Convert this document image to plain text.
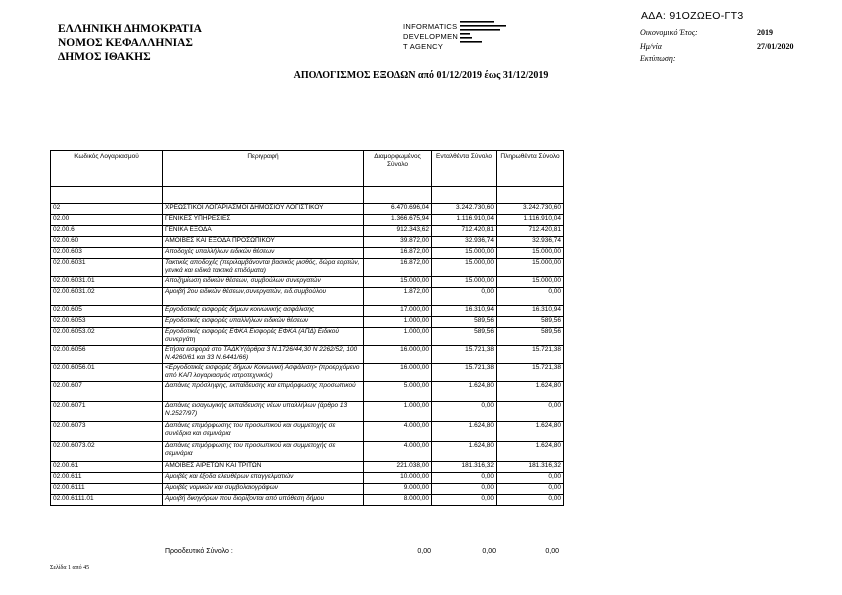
ΕΛΛΗΝΙΚΗ ΔΗΜΟΚΡΑΤΙΑ
ΝΟΜΟΣ ΚΕΦΑΛΛΗΝΙΑΣ
ΔΗΜΟΣ ΙΘΑΚΗΣ
INFORMATICS
DEVELOPMEN
T AGENCY
ΑΔΑ: 91ΟΖΩΕΟ-ΓΤ3
Οικονομικό Έτος:	2019
Ημ/νία	27/01/2020
Εκτύπωση:
ΑΠΟΛΟΓΙΣΜΟΣ ΕΞΟΔΩΝ από 01/12/2019 έως 31/12/2019
Κωδικός Λογαριασμού	Περιγραφή	Διαμορφωμένος Σύνολο	Ενταλθέντα Σύνολο	Πληρωθέντα Σύνολο

02	ΧΡΕΩΣΤΙΚΟΙ ΛΟΓΑΡΙΑΣΜΟΙ ΔΗΜΟΣΙΟΥ ΛΟΓΙΣΤΙΚΟΥ	6.470.696,04	3.242.730,60	3.242.730,60
02.00	ΓΕΝΙΚΕΣ ΥΠΗΡΕΣΙΕΣ	1.366.675,94	1.116.910,04	1.116.910,04
02.00.6	ΓΕΝΙΚΑ ΕΞΟΔΑ	912.343,62	712.420,81	712.420,81
02.00.60	ΑΜΟΙΒΕΣ ΚΑΙ ΕΞΟΔΑ ΠΡΟΣΩΠΙΚΟΥ	39.872,00	32.936,74	32.936,74
02.00.603	Αποδοχές υπαλλήλων ειδικών θέσεων	16.872,00	15.000,00	15.000,00
02.00.6031	Τακτικές αποδοχές (περιλαμβάνονται βασικός μισθός, δώρα εορτών, γενικά και ειδικά τακτικά επιδόματα)	16.872,00	15.000,00	15.000,00
02.00.6031.01	Αποζημίωση ειδικών θέσεων, συμβούλων συνεργατών	15.000,00	15.000,00	15.000,00
02.00.6031.02	Αμοιβή 2ου ειδικών θέσεων,συνεργατών, ειδ.συμβούλου	1.872,00	0,00	0,00
02.00.605	Εργοδοτικές εισφορές δήμων κοινωνικής ασφάλισης	17.000,00	16.310,94	16.310,94
02.00.6053	Εργοδοτικές εισφορές υπαλλήλων ειδικών θέσεων	1.000,00	589,56	589,56
02.00.6053.02	Εργοδοτικές εισφορές ΕΦΚΑ Εισφορές ΕΦΚΑ (ΑΠΔ) Ειδικού συνεργάτη	1.000,00	589,56	589,56
02.00.6056	Ετήσια εισφορά στο ΤΑΔΚΥ(άρθρα 3 Ν.1726/44,30 Ν 2262/52, 100 Ν.4260/61 και 33 Ν.6441/66)	16.000,00	15.721,38	15.721,38
02.00.6056.01	<Εργοδοτικές εισφορές δήμων Κοινωνική Ασφάλιση> (προερχόμενο από ΚΑΠ λογαριασμός ιατροτεχνικός)	16.000,00	15.721,38	15.721,38
02.00.607	Δαπάνες πρόσληψης, εκπαίδευσης και επιμόρφωσης προσωπικού	5.000,00	1.624,80	1.624,80
02.00.6071	Δαπάνες εισαγωγικής εκπαίδευσης νέων υπαλλήλων (άρθρο 13 Ν.2527/97)	1.000,00	0,00	0,00
02.00.6073	Δαπάνες επιμόρφωσης του προσωπικού και συμμετοχής σε συνέδρια και σεμινάρια	4.000,00	1.624,80	1.624,80
02.00.6073.02	Δαπάνες επιμόρφωσης του προσωπικού και συμμετοχής σε σεμινάρια	4.000,00	1.624,80	1.624,80
02.00.61	ΑΜΟΙΒΕΣ ΑΙΡΕΤΩΝ ΚΑΙ ΤΡΙΤΩΝ	221.038,00	181.316,32	181.316,32
02.00.611	Αμοιβές και έξοδα ελευθέρων επαγγελματιών	10.000,00	0,00	0,00
02.00.6111	Αμοιβές νομικών και συμβολαιογράφων	9.000,00	0,00	0,00
02.00.6111.01	Αμοιβή δικηγόρων που διορίζονται από υπόθεση δήμου	8.000,00	0,00	0,00
Προοδευτικό Σύνολο :	0,00	0,00	0,00
Σελίδα 1 από 45
